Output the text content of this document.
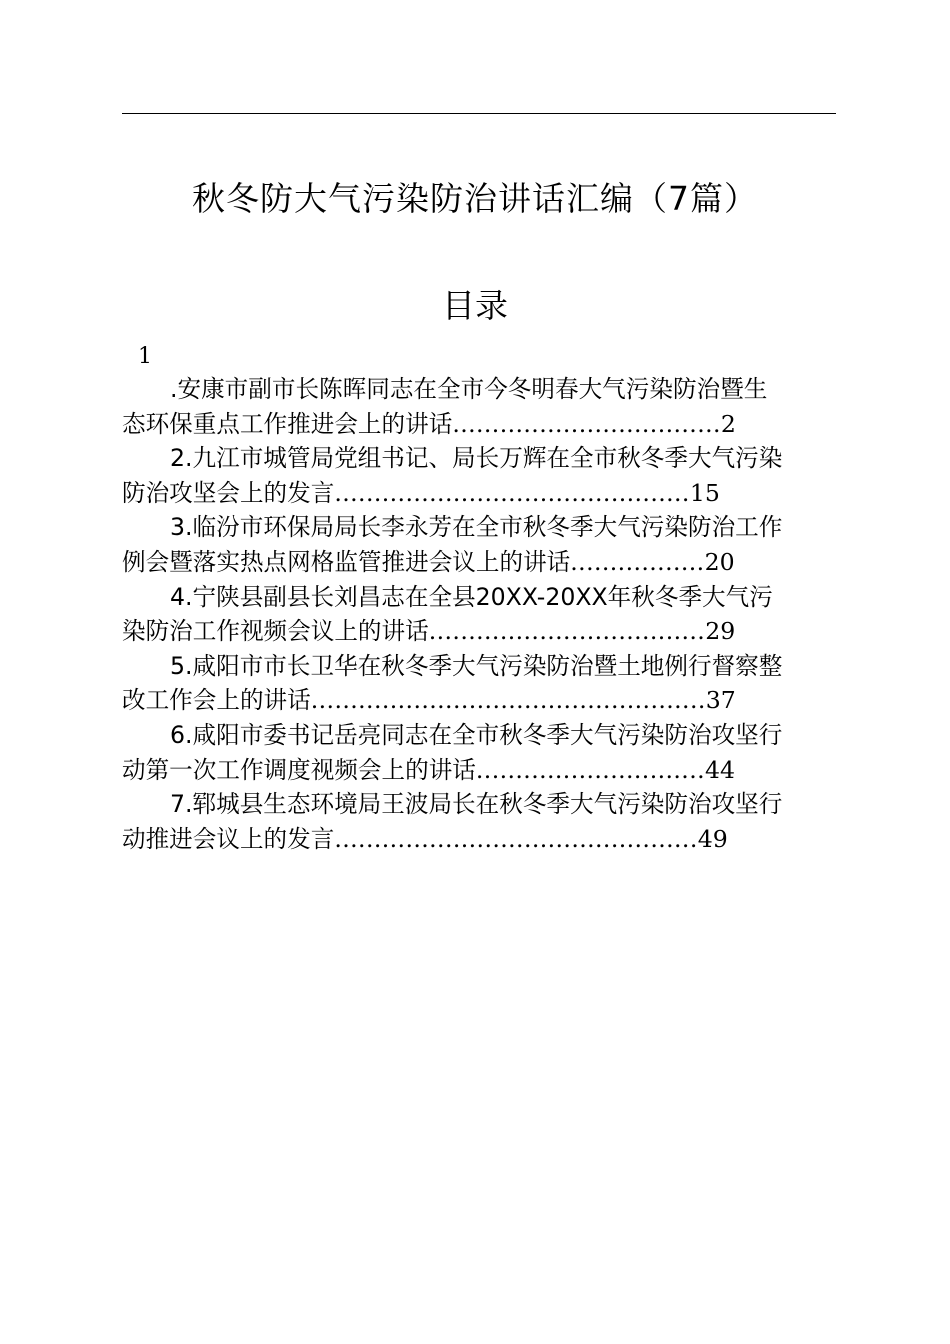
秋冬防大气污染防治讲话汇编（7篇）
目录
1
.安康市副市长陈晖同志在全市今冬明春大气污染防治暨生
态环保重点工作推进会上的讲话..................................2
2.九江市城管局党组书记、局长万辉在全市秋冬季大气污染
防治攻坚会上的发言.............................................15
3.临汾市环保局局长李永芳在全市秋冬季大气污染防治工作
例会暨落实热点网格监管推进会议上的讲话.................20
4.宁陕县副县长刘昌志在全县20XX-20XX年秋冬季大气污
染防治工作视频会议上的讲话...................................29
5.咸阳市市长卫华在秋冬季大气污染防治暨土地例行督察整
改工作会上的讲话..................................................37
6.咸阳市委书记岳亮同志在全市秋冬季大气污染防治攻坚行
动第一次工作调度视频会上的讲话.............................44
7.郓城县生态环境局王波局长在秋冬季大气污染防治攻坚行
动推进会议上的发言..............................................49
